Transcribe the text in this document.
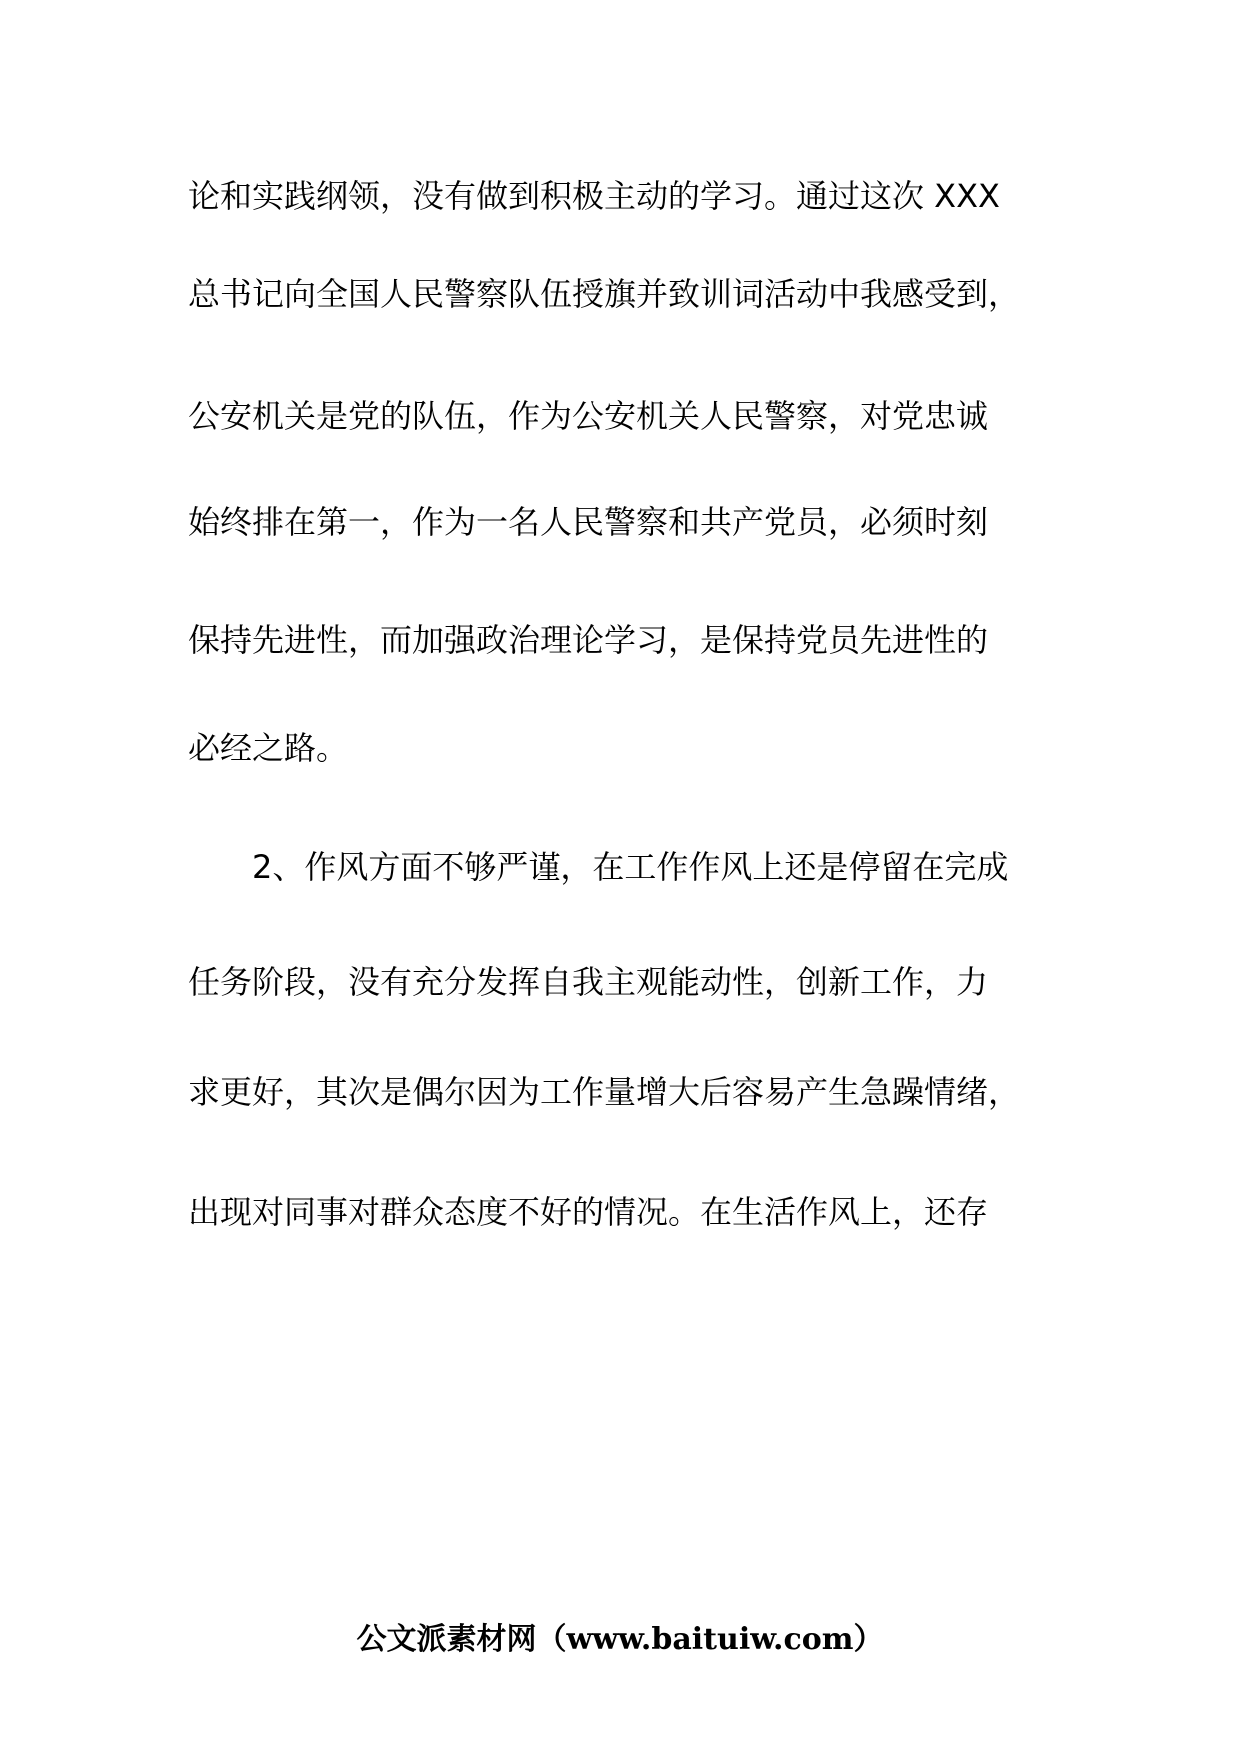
论和实践纲领，没有做到积极主动的学习。通过这次 XXX
总书记向全国人民警察队伍授旗并致训词活动中我感受到，
公安机关是党的队伍，作为公安机关人民警察，对党忠诚
始终排在第一，作为一名人民警察和共产党员，必须时刻
保持先进性，而加强政治理论学习，是保持党员先进性的
必经之路。
2、作风方面不够严谨，在工作作风上还是停留在完成
任务阶段，没有充分发挥自我主观能动性，创新工作，力
求更好，其次是偶尔因为工作量增大后容易产生急躁情绪，
出现对同事对群众态度不好的情况。在生活作风上，还存
公文派素材网（www.baituiw.com）
